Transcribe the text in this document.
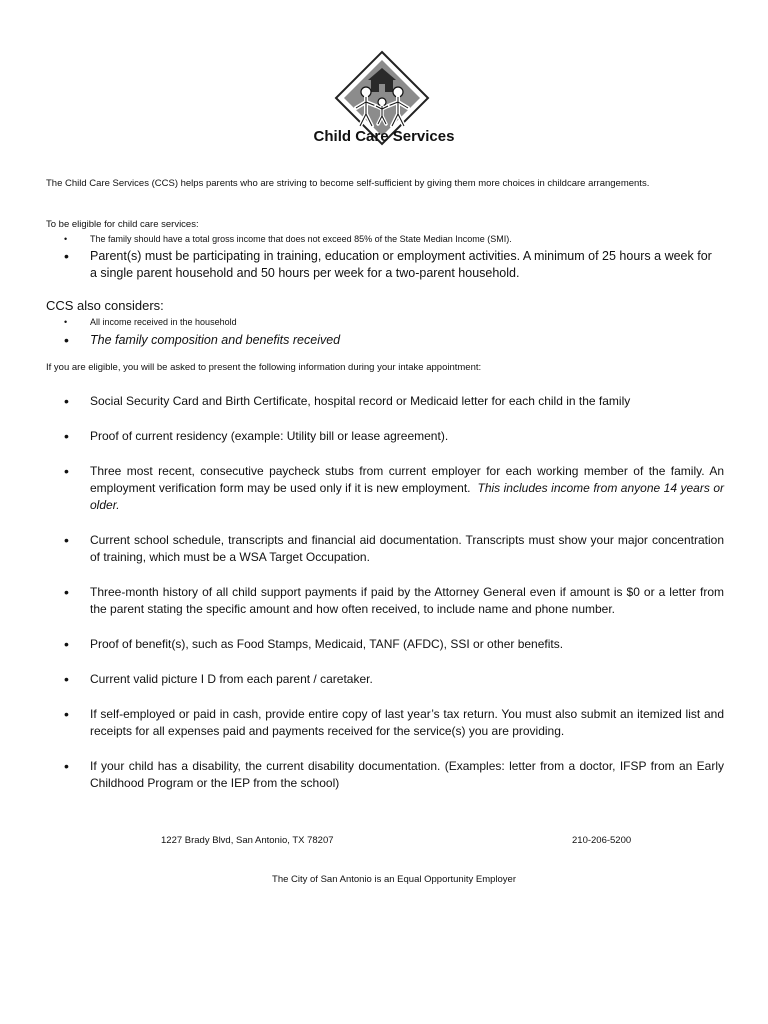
Child Care Services
The Child Care Services (CCS) helps parents who are striving to become self-sufficient by giving them more choices in childcare arrangements.
To be eligible for child care services:
•	The family should have a total gross income that does not exceed 85% of the State Median Income (SMI).
• Parent(s) must be participating in training, education or employment activities. A minimum of 25 hours a week for a single parent household and 50 hours per week for a two-parent household.
CCS also considers:
•	All income received in the household
• The family composition and benefits received
If you are eligible, you will be asked to present the following information during your intake appointment:
• Social Security Card and Birth Certificate, hospital record or Medicaid letter for each child in the family
• Proof of current residency (example: Utility bill or lease agreement).
• Three most recent, consecutive paycheck stubs from current employer for each working member of the family. An employment verification form may be used only if it is new employment. This includes income from anyone 14 years or older.
• Current school schedule, transcripts and financial aid documentation. Transcripts must show your major concentration of training, which must be a WSA Target Occupation.
• Three-month history of all child support payments if paid by the Attorney General even if amount is $0 or a letter from the parent stating the specific amount and how often received, to include name and phone number.
• Proof of benefit(s), such as Food Stamps, Medicaid, TANF (AFDC), SSI or other benefits.
• Current valid picture I D from each parent / caretaker.
• If self-employed or paid in cash, provide entire copy of last year’s tax return. You must also submit an itemized list and receipts for all expenses paid and payments received for the service(s) you are providing.
• If your child has a disability, the current disability documentation. (Examples: letter from a doctor, IFSP from an Early Childhood Program or the IEP from the school)
1227 Brady Blvd, San Antonio, TX 78207	210-206-5200
The City of San Antonio is an Equal Opportunity Employer
